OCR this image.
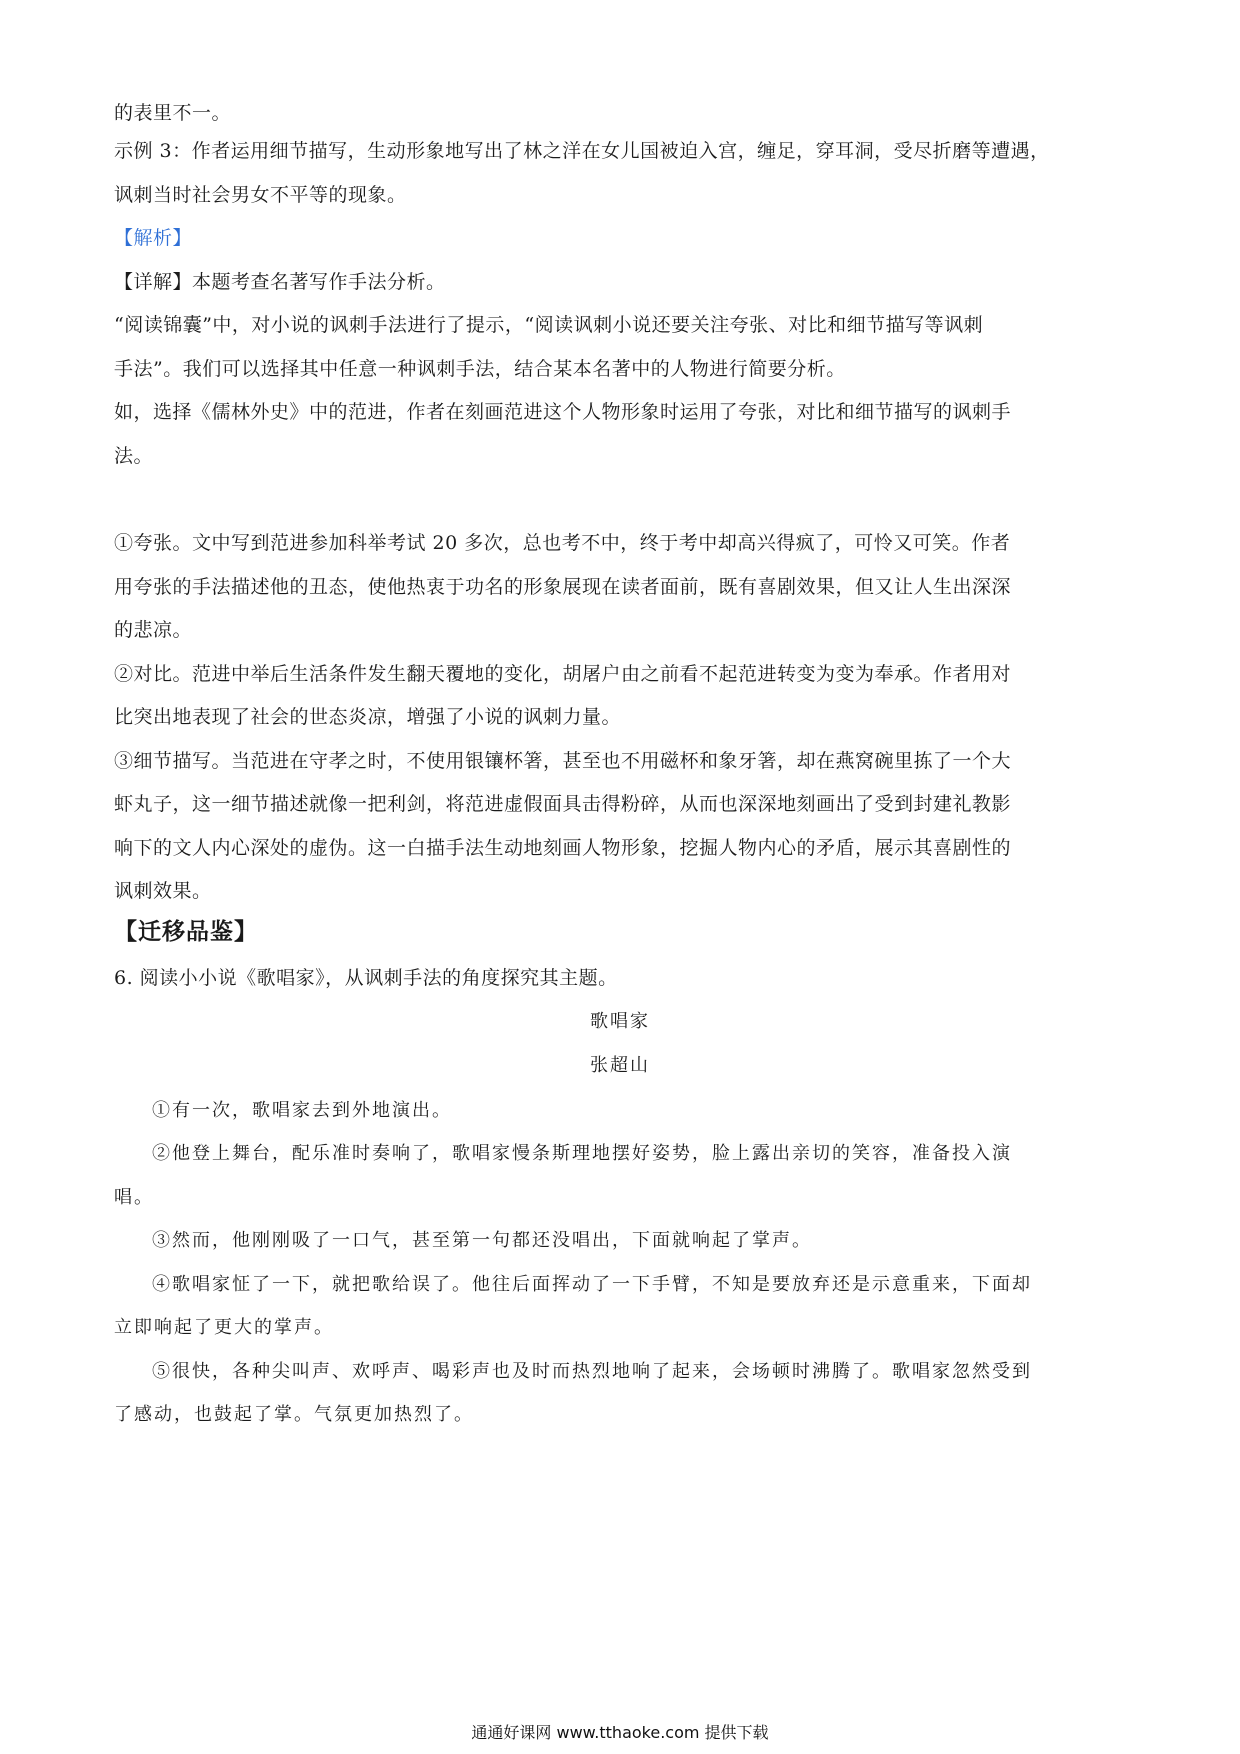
的表里不一。
示例 3：作者运用细节描写，生动形象地写出了林之洋在女儿国被迫入宫，缠足，穿耳洞，受尽折磨等遭遇，
讽刺当时社会男女不平等的现象。
【解析】
【详解】本题考查名著写作手法分析。
“阅读锦囊”中，对小说的讽刺手法进行了提示，“阅读讽刺小说还要关注夸张、对比和细节描写等讽刺
手法”。我们可以选择其中任意一种讽刺手法，结合某本名著中的人物进行简要分析。
如，选择《儒林外史》中的范进，作者在刻画范进这个人物形象时运用了夸张，对比和细节描写的讽刺手
法。
①夸张。文中写到范进参加科举考试 20 多次，总也考不中，终于考中却高兴得疯了，可怜又可笑。作者
用夸张的手法描述他的丑态，使他热衷于功名的形象展现在读者面前，既有喜剧效果，但又让人生出深深
的悲凉。
②对比。范进中举后生活条件发生翻天覆地的变化，胡屠户由之前看不起范进转变为变为奉承。作者用对
比突出地表现了社会的世态炎凉，增强了小说的讽刺力量。
③细节描写。当范进在守孝之时，不使用银镶杯箸，甚至也不用磁杯和象牙箸，却在燕窝碗里拣了一个大
虾丸子，这一细节描述就像一把利剑，将范进虚假面具击得粉碎，从而也深深地刻画出了受到封建礼教影
响下的文人内心深处的虚伪。这一白描手法生动地刻画人物形象，挖掘人物内心的矛盾，展示其喜剧性的
讽刺效果。
【迁移品鉴】
6. 阅读小小说《歌唱家》，从讽刺手法的角度探究其主题。
歌唱家
张超山
①有一次，歌唱家去到外地演出。
②他登上舞台，配乐准时奏响了，歌唱家慢条斯理地摆好姿势，脸上露出亲切的笑容，准备投入演
唱。
③然而，他刚刚吸了一口气，甚至第一句都还没唱出，下面就响起了掌声。
④歌唱家怔了一下，就把歌给误了。他往后面挥动了一下手臂，不知是要放弃还是示意重来，下面却
立即响起了更大的掌声。
⑤很快，各种尖叫声、欢呼声、喝彩声也及时而热烈地响了起来，会场顿时沸腾了。歌唱家忽然受到
了感动，也鼓起了掌。气氛更加热烈了。
通通好课网 www.tthaoke.com 提供下载
